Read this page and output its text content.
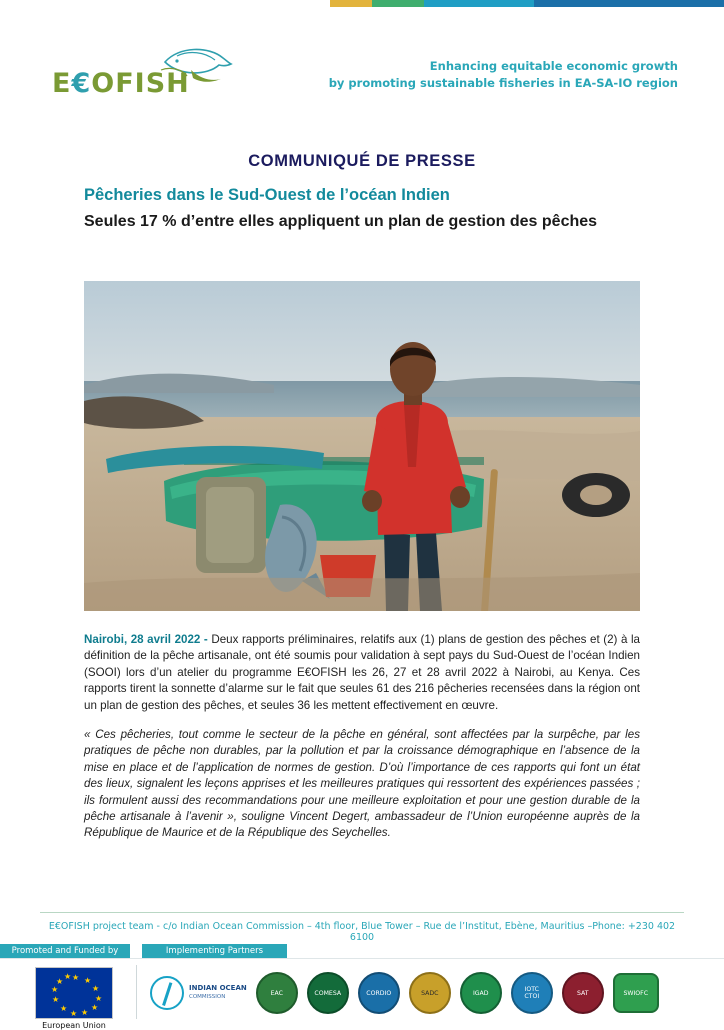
E€OFISH
Enhancing equitable economic growth
by promoting sustainable fisheries in EA-SA-IO region
COMMUNIQUÉ DE PRESSE
Pêcheries dans le Sud-Ouest de l’océan Indien
Seules 17 % d’entre elles appliquent un plan de gestion des pêches

Nairobi, 28 avril 2022 - Deux rapports préliminaires, relatifs aux (1) plans de gestion des pêches et (2) à la définition de la pêche artisanale, ont été soumis pour validation à sept pays du Sud-Ouest de l’océan Indien (SOOI) lors d’un atelier du programme E€OFISH les 26, 27 et 28 avril 2022 à Nairobi, au Kenya. Ces rapports tirent la sonnette d’alarme sur le fait que seules 61 des 216 pêcheries recensées dans la région ont un plan de gestion des pêches, et seules 36 les mettent effectivement en œuvre.

« Ces pêcheries, tout comme le secteur de la pêche en général, sont affectées par la surpêche, par les pratiques de pêche non durables, par la pollution et par la croissance démographique en l’absence de la mise en place et de l’application de normes de gestion. D’où l’importance de ces rapports qui font un état des lieux, signalent les leçons apprises et les meilleures pratiques qui ressortent des expériences passées ; ils formulent aussi des recommandations pour une meilleure exploitation et pour une gestion durable de la pêche artisanale à l’avenir », souligne Vincent Degert, ambassadeur de l’Union européenne auprès de la République de Maurice et de la République des Seychelles.

E€OFISH project team - c/o Indian Ocean Commission – 4th floor, Blue Tower – Rue de l’Institut, Ebène, Mauritius –Phone: +230 402 6100
Promoted and Funded by	Implementing Partners
★ ★
★
★
★
★
★
★
★
★
★
★
European Union
INDIAN OCEAN
COMMISSION
EAC	COMESA	CORDIO	SADC	IGAD	IOTC
CTOI	SAT	SWIOFC
